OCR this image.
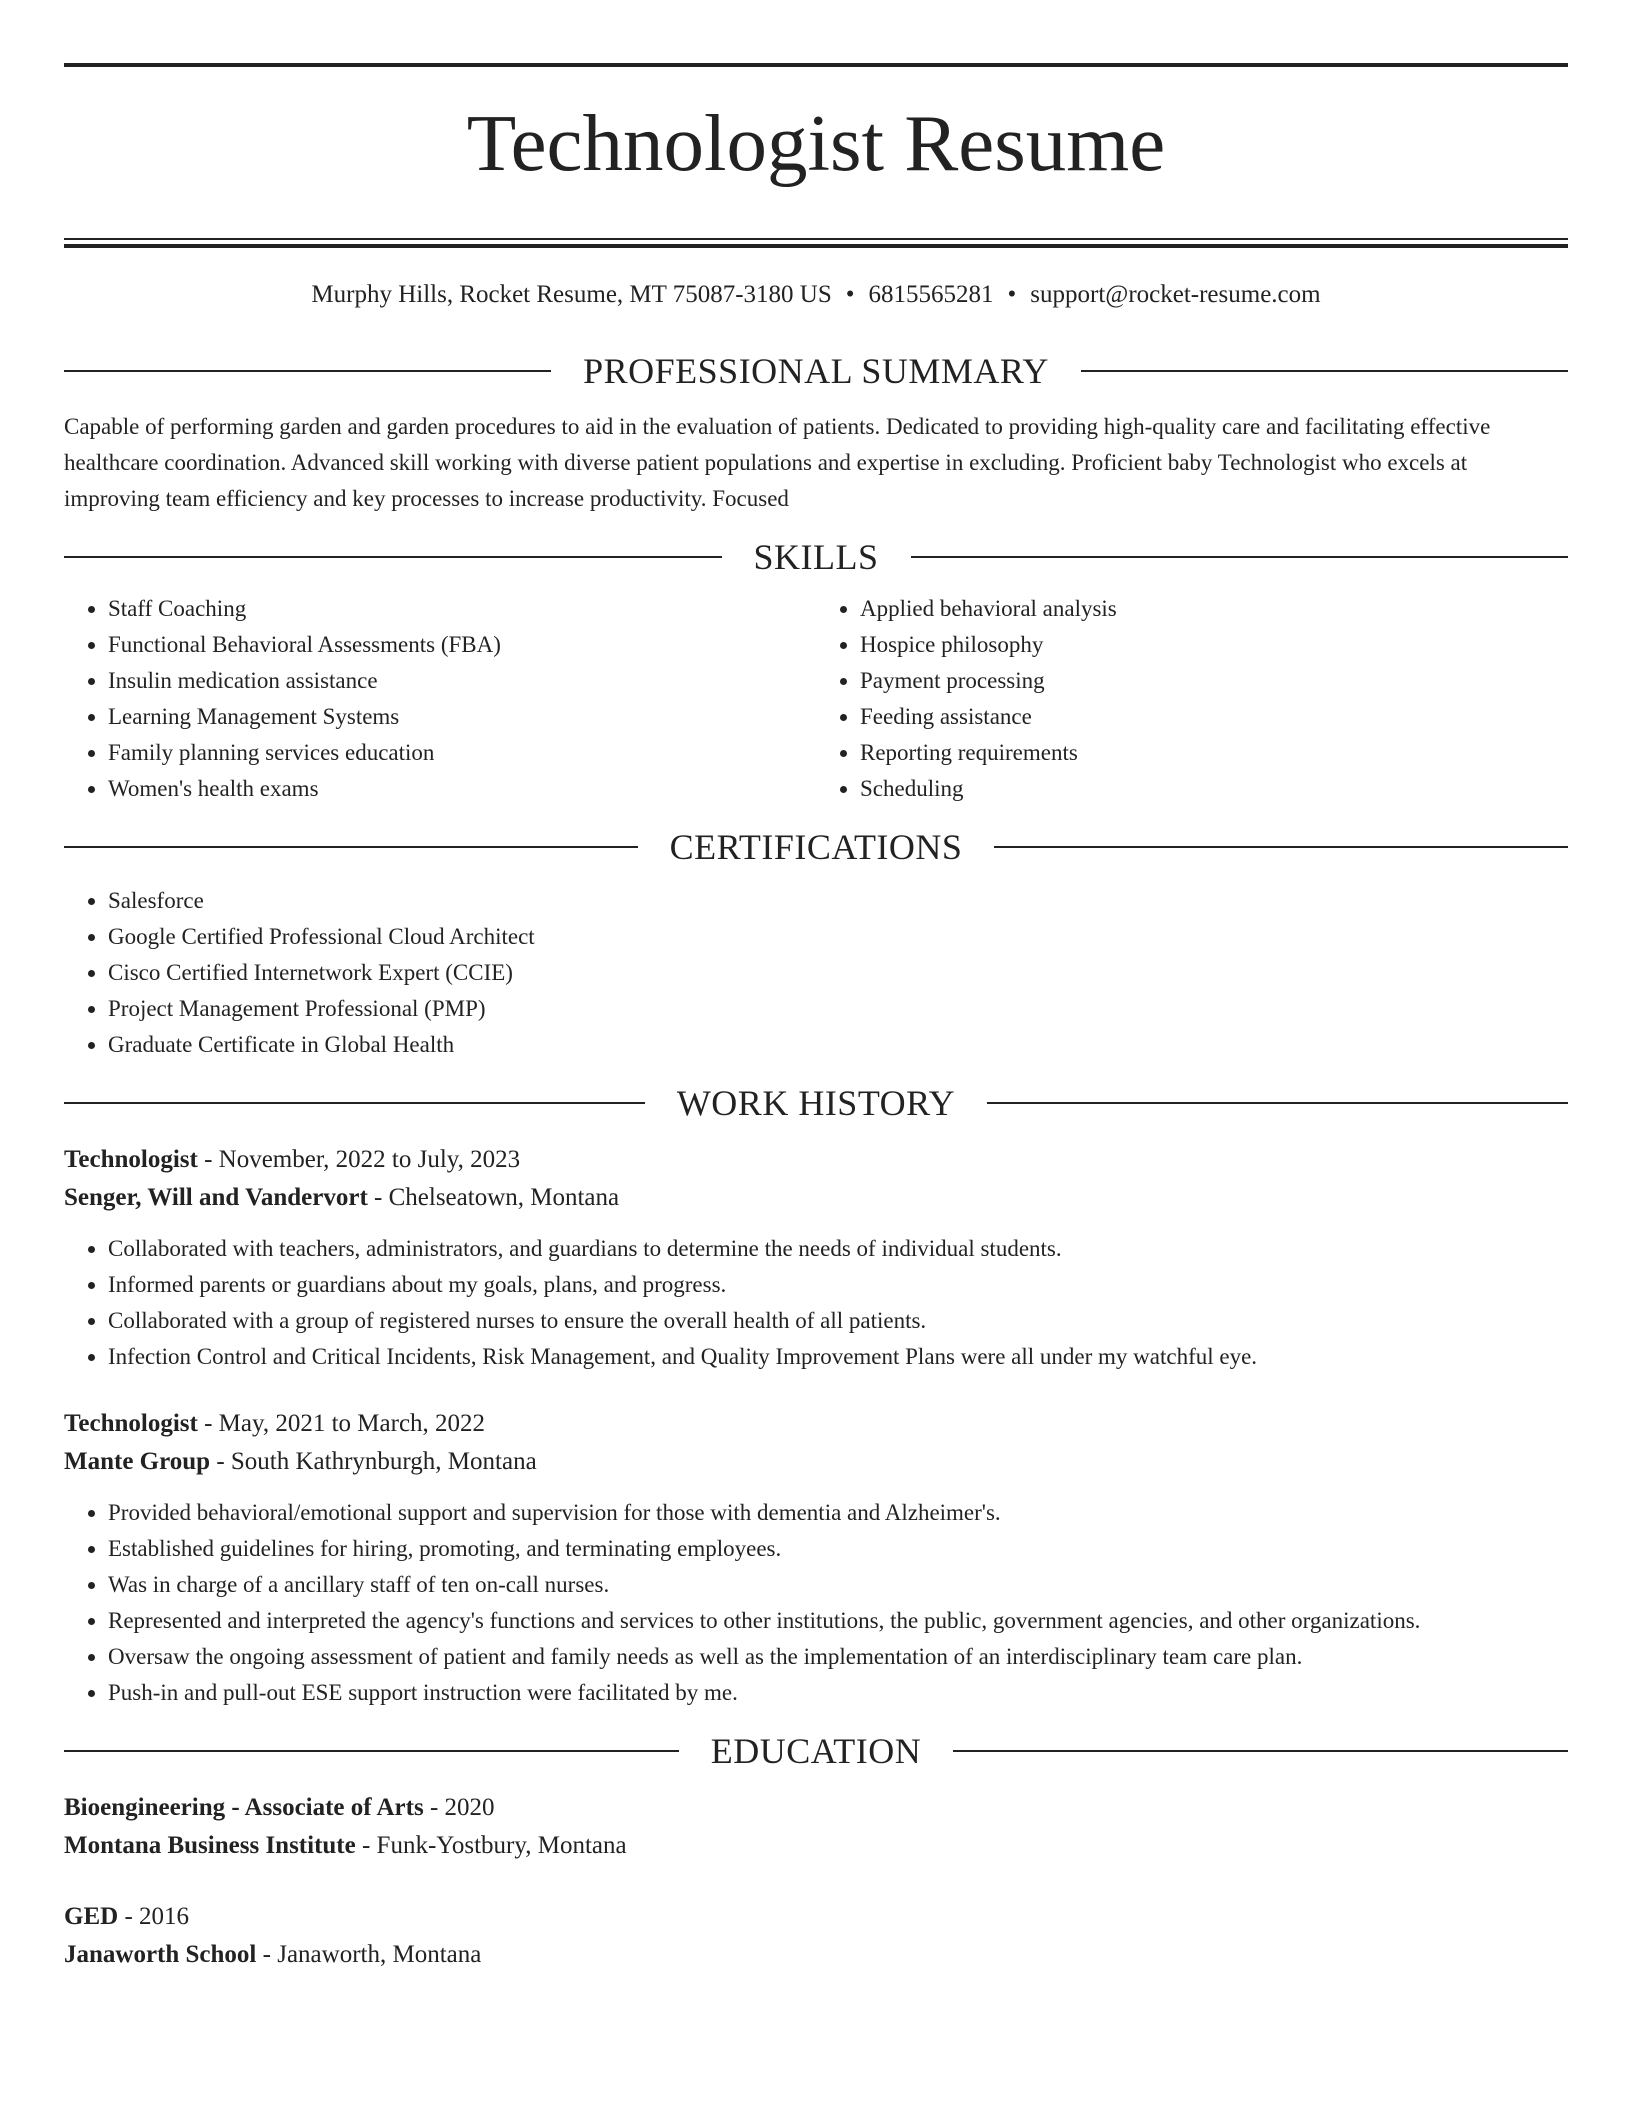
Technologist Resume
Murphy Hills, Rocket Resume, MT 75087-3180 US • 6815565281 • support@rocket-resume.com
PROFESSIONAL SUMMARY
Capable of performing garden and garden procedures to aid in the evaluation of patients. Dedicated to providing high-quality care and facilitating effective healthcare coordination. Advanced skill working with diverse patient populations and expertise in excluding. Proficient baby Technologist who excels at improving team efficiency and key processes to increase productivity. Focused
SKILLS
• Staff Coaching
• Functional Behavioral Assessments (FBA)
• Insulin medication assistance
• Learning Management Systems
• Family planning services education
• Women's health exams
• Applied behavioral analysis
• Hospice philosophy
• Payment processing
• Feeding assistance
• Reporting requirements
• Scheduling
CERTIFICATIONS
• Salesforce
• Google Certified Professional Cloud Architect
• Cisco Certified Internetwork Expert (CCIE)
• Project Management Professional (PMP)
• Graduate Certificate in Global Health
WORK HISTORY
Technologist - November, 2022 to July, 2023
Senger, Will and Vandervort - Chelseatown, Montana
• Collaborated with teachers, administrators, and guardians to determine the needs of individual students.
• Informed parents or guardians about my goals, plans, and progress.
• Collaborated with a group of registered nurses to ensure the overall health of all patients.
• Infection Control and Critical Incidents, Risk Management, and Quality Improvement Plans were all under my watchful eye.
Technologist - May, 2021 to March, 2022
Mante Group - South Kathrynburgh, Montana
• Provided behavioral/emotional support and supervision for those with dementia and Alzheimer's.
• Established guidelines for hiring, promoting, and terminating employees.
• Was in charge of a ancillary staff of ten on-call nurses.
• Represented and interpreted the agency's functions and services to other institutions, the public, government agencies, and other organizations.
• Oversaw the ongoing assessment of patient and family needs as well as the implementation of an interdisciplinary team care plan.
• Push-in and pull-out ESE support instruction were facilitated by me.
EDUCATION
Bioengineering - Associate of Arts - 2020
Montana Business Institute - Funk-Yostbury, Montana
GED - 2016
Janaworth School - Janaworth, Montana
